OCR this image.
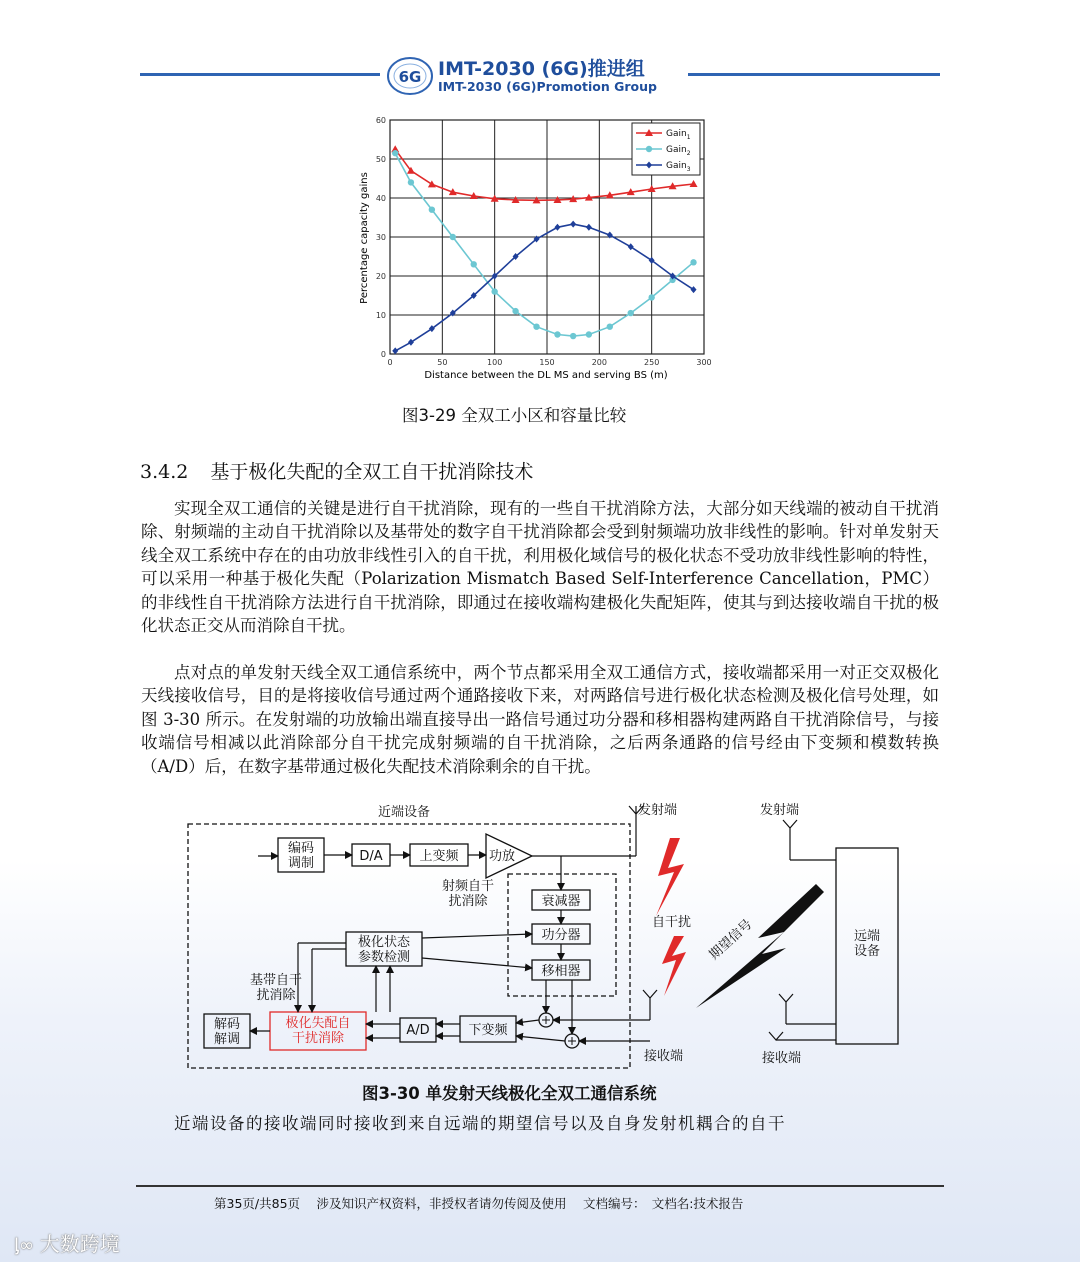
6G IMT-2030 (6G)推进组
IMT-2030 (6G)Promotion Group
0	50	100	150	200	250	300
0
10
20
30
40
50
60
Gain$_1$
Gain$_2$
Gain$_3$
Distance between the DL MS and serving BS (m)
Percentage capacity gains
图3-29 全双工小区和容量比较
3.4.2 基于极化失配的全双工自干扰消除技术

实现全双工通信的关键是进行自干扰消除，现有的一些自干扰消除方法，大部分如天线端的被动自干扰消除、射频端的主动自干扰消除以及基带处的数字自干扰消除都会受到射频端功放非线性的影响。针对单发射天线全双工系统中存在的由功放非线性引入的自干扰，利用极化域信号的极化状态不受功放非线性影响的特性，可以采用一种基于极化失配（Polarization Mismatch Based Self-Interference Cancellation，PMC）的非线性自干扰消除方法进行自干扰消除，即通过在接收端构建极化失配矩阵，使其与到达接收端自干扰的极化状态正交从而消除自干扰。

点对点的单发射天线全双工通信系统中，两个节点都采用全双工通信方式，接收端都采用一对正交双极化天线接收信号，目的是将接收信号通过两个通路接收下来，对两路信号进行极化状态检测及极化信号处理，如图 3-30 所示。在发射端的功放输出端直接导出一路信号通过功分器和移相器构建两路自干扰消除信号，与接收端信号相减以此消除部分自干扰完成射频端的自干扰消除，之后两条通路的信号经由下变频和模数转换（A/D）后，在数字基带通过极化失配技术消除剩余的自干扰。

近端设备	发射端	发射端
接收端	接收端
期望信号
自干扰
D/A	上变频 功放
衰减器
功分器
移相器
A/D	下变频
编码调制
射频自干扰消除
极化状态参数检测
基带自干扰消除
解码解调
极化失配自干扰消除
远端设备
图3-30 单发射天线极化全双工通信系统

近端设备的接收端同时接收到来自远端的期望信号以及自身发射机耦合的自干

第35页/共85页　 涉及知识产权资料，非授权者请勿传阅及使用　 文档编号：　文档名:技术报告
ᶅ∞ 大数跨境
